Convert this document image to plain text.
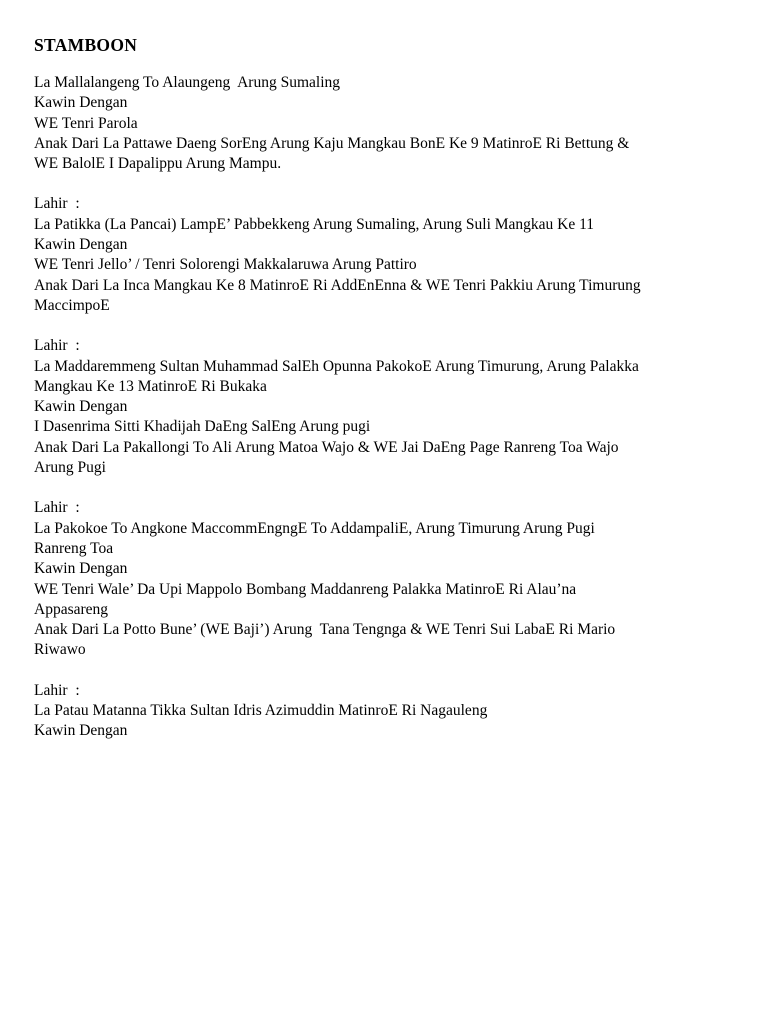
STAMBOON

La Mallalangeng To Alaungeng  Arung Sumaling

Kawin Dengan

WE Tenri Parola

Anak Dari La Pattawe Daeng SorEng Arung Kaju Mangkau BonE Ke 9 MatinroE Ri Bettung &

WE BalolE I Dapalippu Arung Mampu.

Lahir  :

La Patikka (La Pancai) LampE’ Pabbekkeng Arung Sumaling, Arung Suli Mangkau Ke 11

Kawin Dengan

WE Tenri Jello’ / Tenri Solorengi Makkalaruwa Arung Pattiro

Anak Dari La Inca Mangkau Ke 8 MatinroE Ri AddEnEnna & WE Tenri Pakkiu Arung Timurung

MaccimpoE

Lahir  :

La Maddaremmeng Sultan Muhammad SalEh Opunna PakokoE Arung Timurung, Arung Palakka

Mangkau Ke 13 MatinroE Ri Bukaka

Kawin Dengan

I Dasenrima Sitti Khadijah DaEng SalEng Arung pugi

Anak Dari La Pakallongi To Ali Arung Matoa Wajo & WE Jai DaEng Page Ranreng Toa Wajo

Arung Pugi

Lahir  :

La Pakokoe To Angkone MaccommEngngE To AddampaliE, Arung Timurung Arung Pugi

Ranreng Toa

Kawin Dengan

WE Tenri Wale’ Da Upi Mappolo Bombang Maddanreng Palakka MatinroE Ri Alau’na

Appasareng

Anak Dari La Potto Bune’ (WE Baji’) Arung  Tana Tengnga & WE Tenri Sui LabaE Ri Mario

Riwawo

Lahir  :

La Patau Matanna Tikka Sultan Idris Azimuddin MatinroE Ri Nagauleng

Kawin Dengan
